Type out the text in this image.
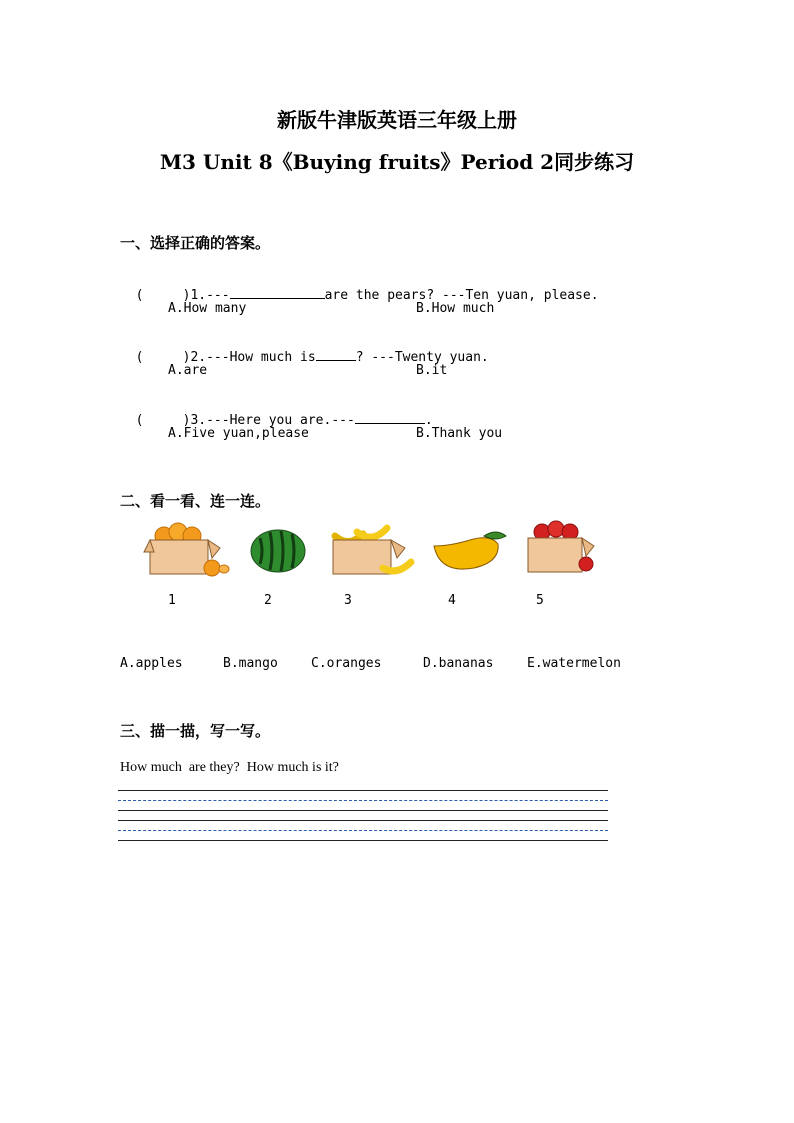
新版牛津版英语三年级上册
M3 Unit 8《Buying fruits》Period 2同步练习
一、选择正确的答案。

(     )1.---	are the pears? ---Ten yuan, please.

A.How many	B.How much

(     )2.---How much is	? ---Twenty yuan.

A.are	B.it

(     )3.---Here you are.---	.

A.Five yuan,please	B.Thank you
二、看一看、连一连。
1	2	3	4	5
A.apples	B.mango	C.oranges	D.bananas	E.watermelon
三、描一描，写一写。
How much  are they?  How much is it?
